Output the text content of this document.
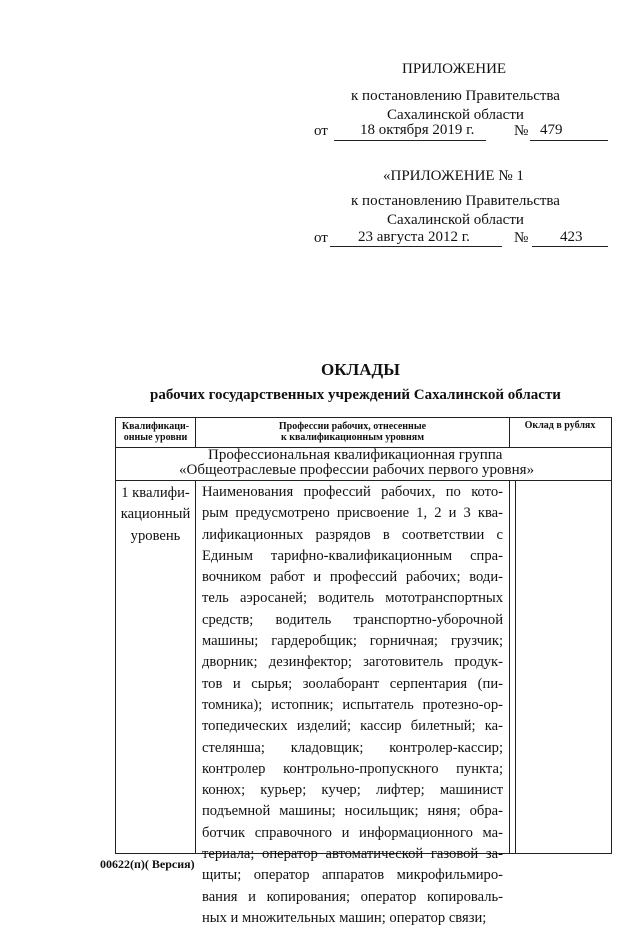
ПРИЛОЖЕНИЕ
к постановлению Правительства
Сахалинской области
от 18 октября 2019 г.	№ 479
«ПРИЛОЖЕНИЕ № 1
к постановлению Правительства
Сахалинской области
от 23 августа 2012 г.	№ 423
ОКЛАДЫ
рабочих государственных учреждений Сахалинской области
Квалификаци-
онные уровни
Профессии рабочих, отнесенные
к квалификационным уровням
Оклад в рублях
Профессиональная квалификационная группа
«Общеотраслевые профессии рабочих первого уровня»
1 квалифи-
кационный
уровень
Наименования профессий рабочих, по кото-
рым предусмотрено присвоение 1, 2 и 3 ква-
лификационных разрядов в соответствии с
Единым тарифно-квалификационным спра-
вочником работ и профессий рабочих; води-
тель аэросаней; водитель мототранспортных
средств; водитель транспортно-уборочной
машины; гардеробщик; горничная; грузчик;
дворник; дезинфектор; заготовитель продук-
тов и сырья; зоолаборант серпентария (пи-
томника); истопник; испытатель протезно-ор-
топедических изделий; кассир билетный; ка-
стелянша; кладовщик; контролер-кассир;
контролер контрольно-пропускного пункта;
конюх; курьер; кучер; лифтер; машинист
подъемной машины; носильщик; няня; обра-
ботчик справочного и информационного ма-
териала; оператор автоматической газовой за-
щиты; оператор аппаратов микрофильмиро-
вания и копирования; оператор копироваль-
ных и множительных машин; оператор связи;
00622(п)( Версия)
